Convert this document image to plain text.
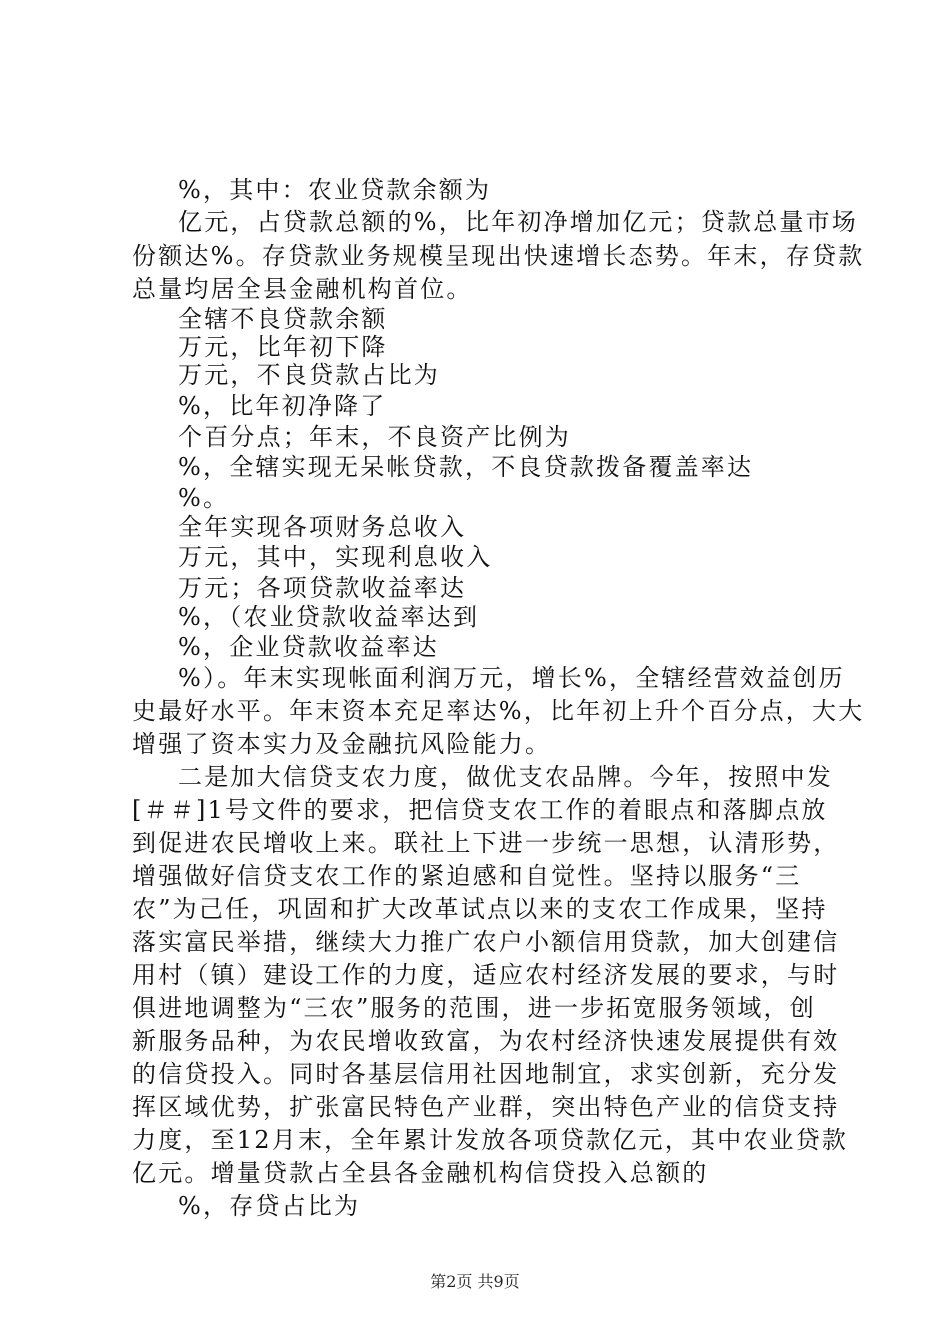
%，其中：农业贷款余额为
亿元，占贷款总额的%，比年初净增加亿元；贷款总量市场
份额达%。存贷款业务规模呈现出快速增长态势。年末，存贷款
总量均居全县金融机构首位。
全辖不良贷款余额
万元，比年初下降
万元，不良贷款占比为
%，比年初净降了
个百分点；年末，不良资产比例为
%，全辖实现无呆帐贷款，不良贷款拨备覆盖率达
%。
全年实现各项财务总收入
万元，其中，实现利息收入
万元；各项贷款收益率达
%，（农业贷款收益率达到
%，企业贷款收益率达
%）。年末实现帐面利润万元，增长%，全辖经营效益创历
史最好水平。年末资本充足率达%，比年初上升个百分点，大大
增强了资本实力及金融抗风险能力。
二是加大信贷支农力度，做优支农品牌。今年，按照中发
[＃＃]1号文件的要求，把信贷支农工作的着眼点和落脚点放
到促进农民增收上来。联社上下进一步统一思想，认清形势，
增强做好信贷支农工作的紧迫感和自觉性。坚持以服务“三
农”为己任，巩固和扩大改革试点以来的支农工作成果，坚持
落实富民举措，继续大力推广农户小额信用贷款，加大创建信
用村（镇）建设工作的力度，适应农村经济发展的要求，与时
俱进地调整为“三农”服务的范围，进一步拓宽服务领域，创
新服务品种，为农民增收致富，为农村经济快速发展提供有效
的信贷投入。同时各基层信用社因地制宜，求实创新，充分发
挥区域优势，扩张富民特色产业群，突出特色产业的信贷支持
力度，至12月末，全年累计发放各项贷款亿元，其中农业贷款
亿元。增量贷款占全县各金融机构信贷投入总额的
%，存贷占比为
第2页 共9页
